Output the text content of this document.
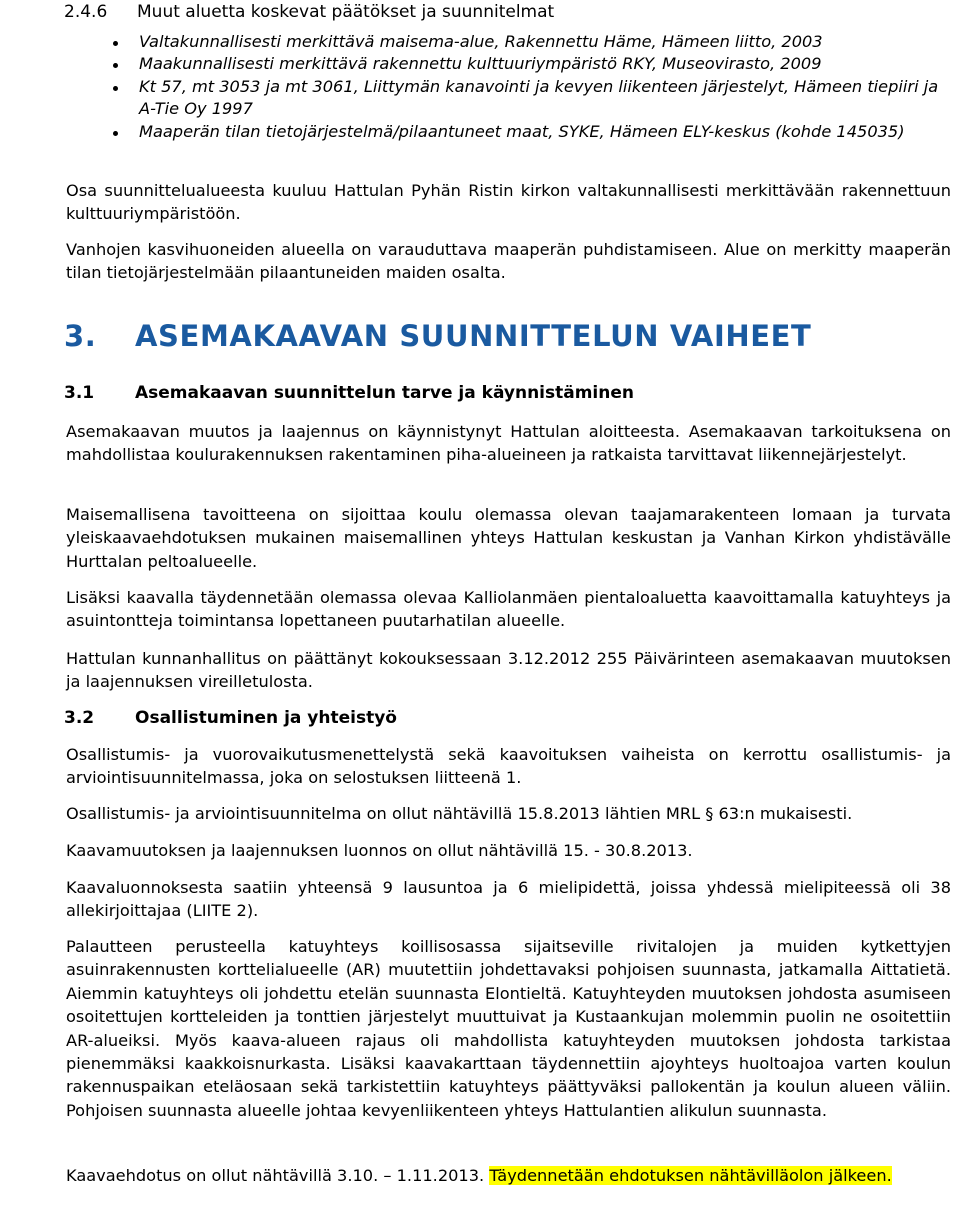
2.4.6	Muut aluetta koskevat päätökset ja suunnitelmat
Valtakunnallisesti merkittävä maisema-alue, Rakennettu Häme, Hämeen liitto, 2003
Maakunnallisesti merkittävä rakennettu kulttuuriympäristö RKY, Museovirasto, 2009
Kt 57, mt 3053 ja mt 3061, Liittymän kanavointi ja kevyen liikenteen järjestelyt, Hämeen tiepiiri ja A-Tie Oy 1997
Maaperän tilan tietojärjestelmä/pilaantuneet maat, SYKE, Hämeen ELY-keskus (kohde 145035)

Osa suunnittelualueesta kuuluu Hattulan Pyhän Ristin kirkon valtakunnallisesti merkittävään rakennettuun kulttuuriympäristöön.

Vanhojen kasvihuoneiden alueella on varauduttava maaperän puhdistamiseen. Alue on merkitty maaperän tilan tietojärjestelmään pilaantuneiden maiden osalta.

3. ASEMAKAAVAN SUUNNITTELUN VAIHEET
3.1 Asemakaavan suunnittelun tarve ja käynnistäminen

Asemakaavan muutos ja laajennus on käynnistynyt Hattulan aloitteesta. Asemakaavan tarkoituksena on mahdollistaa koulurakennuksen rakentaminen piha-alueineen ja ratkaista tarvittavat liikennejärjestelyt.

Maisemallisena tavoitteena on sijoittaa koulu olemassa olevan taajamarakenteen lomaan ja turvata yleiskaavaehdotuksen mukainen maisemallinen yhteys Hattulan keskustan ja Vanhan Kirkon yhdistävälle Hurttalan peltoalueelle.

Lisäksi kaavalla täydennetään olemassa olevaa Kalliolanmäen pientaloaluetta kaavoittamalla katuyhteys ja asuintontteja toimintansa lopettaneen puutarhatilan alueelle.

Hattulan kunnanhallitus on päättänyt kokouksessaan 3.12.2012 255 Päivärinteen asemakaavan muutoksen ja laajennuksen vireilletulosta.

3.2 Osallistuminen ja yhteistyö

Osallistumis- ja vuorovaikutusmenettelystä sekä kaavoituksen vaiheista on kerrottu osallistumis- ja arviointisuunnitelmassa, joka on selostuksen liitteenä 1.

Osallistumis- ja arviointisuunnitelma on ollut nähtävillä 15.8.2013 lähtien MRL § 63:n mukaisesti.

Kaavamuutoksen ja laajennuksen luonnos on ollut nähtävillä 15. - 30.8.2013.

Kaavaluonnoksesta saatiin yhteensä 9 lausuntoa ja 6 mielipidettä, joissa yhdessä mielipiteessä oli 38 allekirjoittajaa (LIITE 2).

Palautteen perusteella katuyhteys koillisosassa sijaitseville rivitalojen ja muiden kytkettyjen asuinrakennusten korttelialueelle (AR) muutettiin johdettavaksi pohjoisen suunnasta, jatkamalla Aittatietä. Aiemmin katuyhteys oli johdettu etelän suunnasta Elontieltä. Katuyhteyden muutoksen johdosta asumiseen osoitettujen kortteleiden ja tonttien järjestelyt muuttuivat ja Kustaankujan molemmin puolin ne osoitettiin AR-alueiksi. Myös kaava-alueen rajaus oli mahdollista katuyhteyden muutoksen johdosta tarkistaa pienemmäksi kaakkoisnurkasta. Lisäksi kaavakarttaan täydennettiin ajoyhteys huoltoajoa varten koulun rakennuspaikan eteläosaan sekä tarkistettiin katuyhteys päättyväksi pallokentän ja koulun alueen väliin. Pohjoisen suunnasta alueelle johtaa kevyenliikenteen yhteys Hattulantien alikulun suunnasta.

Kaavaehdotus on ollut nähtävillä 3.10. – 1.11.2013. Täydennetään ehdotuksen nähtävilläolon jälkeen.
